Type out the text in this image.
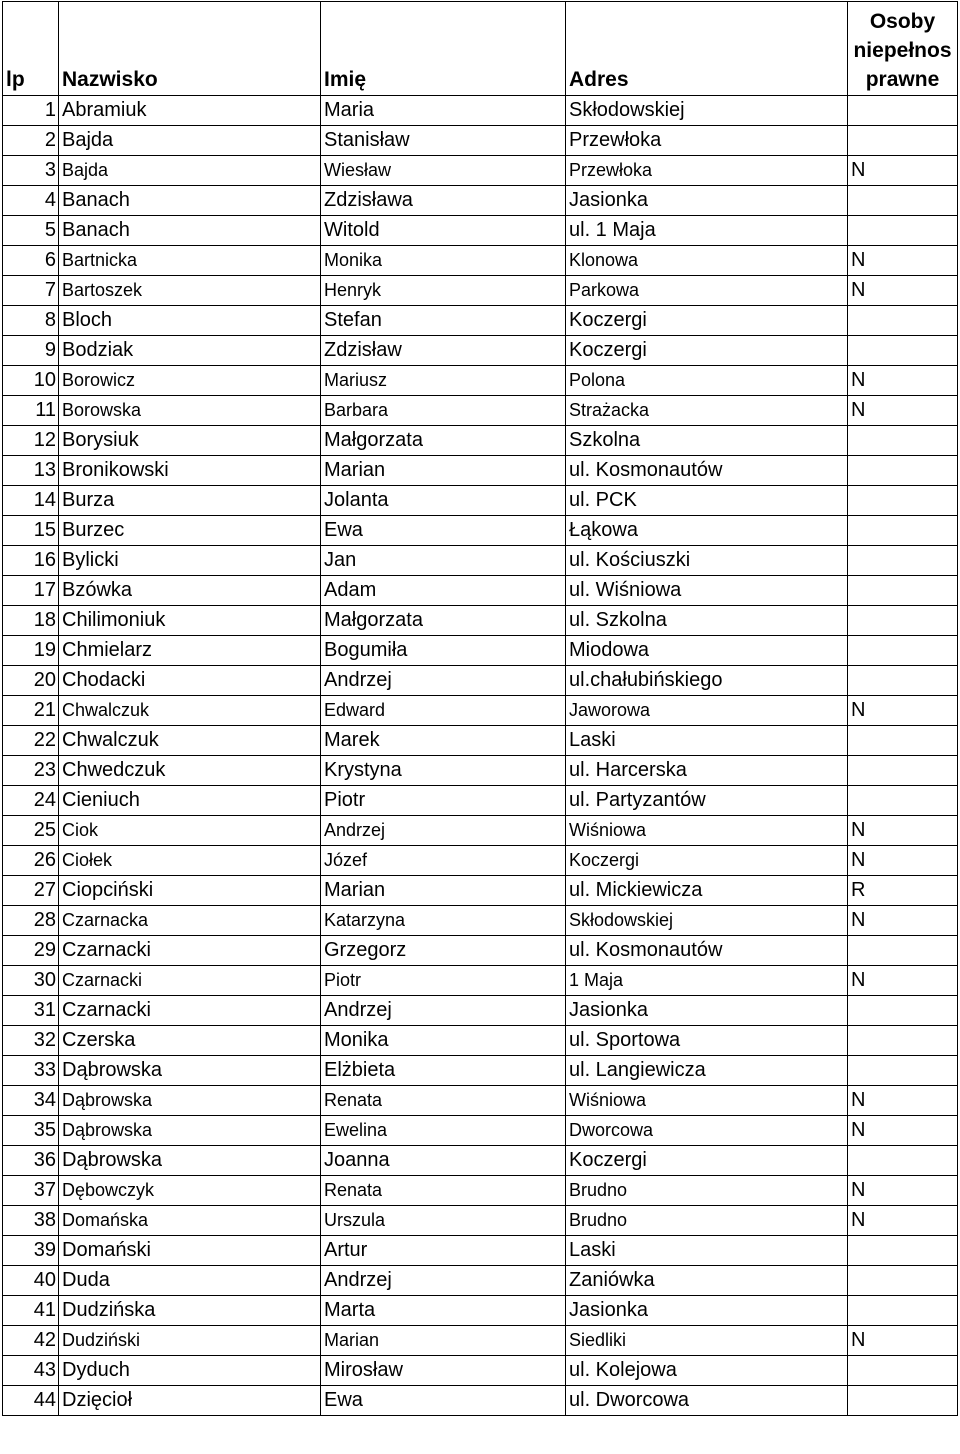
lp	Nazwisko	Imię	Adres	Osoby
niepełnos
prawne

1	Abramiuk	Maria	Skłodowskiej	
2	Bajda	Stanisław	Przewłoka	
3	Bajda	Wiesław	Przewłoka	N
4	Banach	Zdzisława	Jasionka	
5	Banach	Witold	ul. 1 Maja	
6	Bartnicka	Monika	Klonowa	N
7	Bartoszek	Henryk	Parkowa	N
8	Bloch	Stefan	Koczergi	
9	Bodziak	Zdzisław	Koczergi	
10	Borowicz	Mariusz	Polona	N
11	Borowska	Barbara	Strażacka	N
12	Borysiuk	Małgorzata	Szkolna	
13	Bronikowski	Marian	ul. Kosmonautów	
14	Burza	Jolanta	ul. PCK	
15	Burzec	Ewa	Łąkowa	
16	Bylicki	Jan	ul. Kościuszki	
17	Bzówka	Adam	ul. Wiśniowa	
18	Chilimoniuk	Małgorzata	ul. Szkolna	
19	Chmielarz	Bogumiła	Miodowa	
20	Chodacki	Andrzej	ul.chałubińskiego	
21	Chwalczuk	Edward	Jaworowa	N
22	Chwalczuk	Marek	Laski	
23	Chwedczuk	Krystyna	ul. Harcerska	
24	Cieniuch	Piotr	ul. Partyzantów	
25	Ciok	Andrzej	Wiśniowa	N
26	Ciołek	Józef	Koczergi	N
27	Ciopciński	Marian	ul. Mickiewicza	R
28	Czarnacka	Katarzyna	Skłodowskiej	N
29	Czarnacki	Grzegorz	ul. Kosmonautów	
30	Czarnacki	Piotr	1 Maja	N
31	Czarnacki	Andrzej	Jasionka	
32	Czerska	Monika	ul. Sportowa	
33	Dąbrowska	Elżbieta	ul. Langiewicza	
34	Dąbrowska	Renata	Wiśniowa	N
35	Dąbrowska	Ewelina	Dworcowa	N
36	Dąbrowska	Joanna	Koczergi	
37	Dębowczyk	Renata	Brudno	N
38	Domańska	Urszula	Brudno	N
39	Domański	Artur	Laski	
40	Duda	Andrzej	Zaniówka	
41	Dudzińska	Marta	Jasionka	
42	Dudziński	Marian	Siedliki	N
43	Dyduch	Mirosław	ul. Kolejowa	
44	Dzięcioł	Ewa	ul. Dworcowa	
